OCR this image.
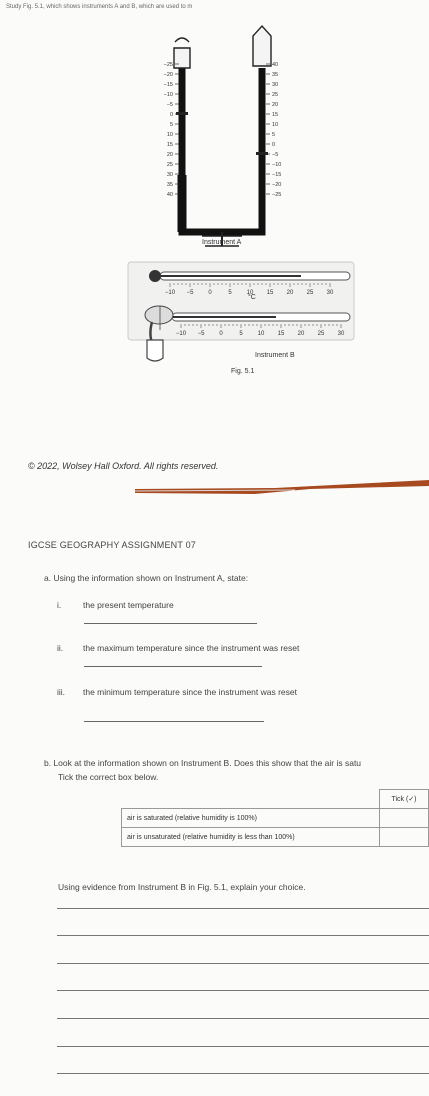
Study Fig. 5.1, which shows instruments A and B, which are used to m
−25
−20
−15
−10
−5
0
5
10
15
20
25
30
35
40
40
35
30
25
20
15
10
5
0
−5
−10
−15
−20
−25
Instrument A
−10 −5 0	5 10 15 20 25 30
−10 −5 0	5 10 15 20 25 30
°C
Instrument B
Fig. 5.1
© 2022, Wolsey Hall Oxford. All rights reserved.
IGCSE GEOGRAPHY ASSIGNMENT 07
a. Using the information shown on Instrument A, state:
i.	the present temperature
ii. the maximum temperature since the instrument was reset
iii. the minimum temperature since the instrument was reset
b. Look at the information shown on Instrument B. Does this show that the air is satu
Tick the correct box below.
	Tick (✓)
air is saturated (relative humidity is 100%)	
air is unsaturated (relative humidity is less than 100%)	
Using evidence from Instrument B in Fig. 5.1, explain your choice.
